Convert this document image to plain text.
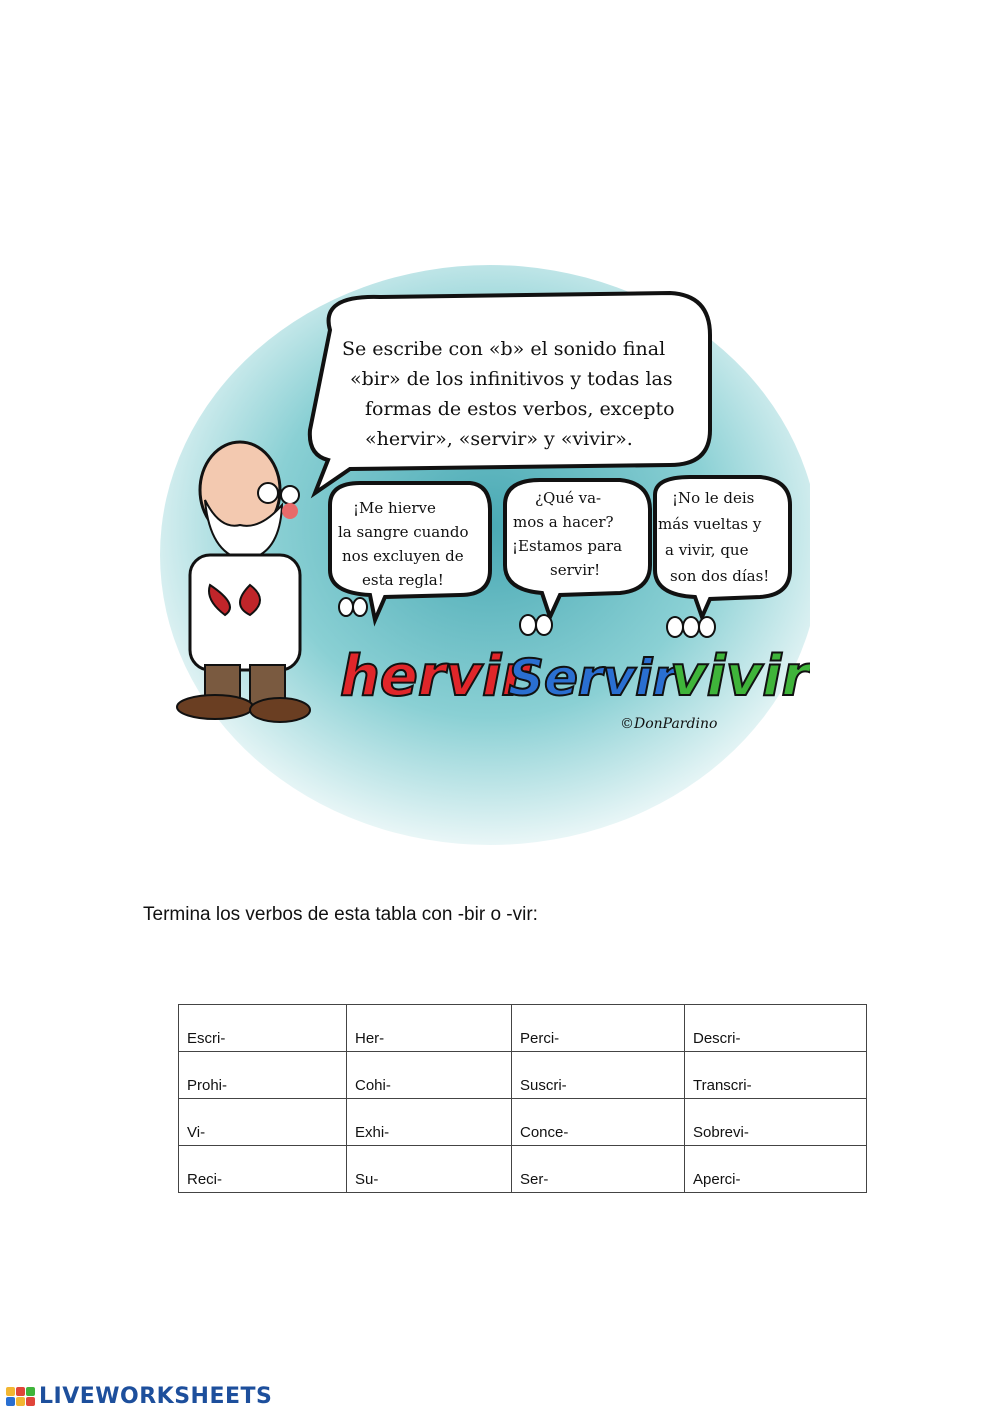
Se escribe con «b» el sonido final «bir» de los infinitivos y todas las formas de estos verbos, excepto «hervir», «servir» y «vivir».
¡Me hierve la sangre cuando nos excluyen de esta regla!
¿Qué va- mos a hacer? ¡Estamos para servir!
¡No le deis más vueltas y a vivir, que son dos días!
hervir
Servir
vivir
©DonPardino
Termina los verbos de esta tabla con -bir o -vir:
Escri-	Her-	Perci-	Descri-
Prohi-	Cohi-	Suscri-	Transcri-
Vi-	Exhi-	Conce-	Sobrevi-
Reci-	Su-	Ser-	Aperci-
LIVEWORKSHEETS
